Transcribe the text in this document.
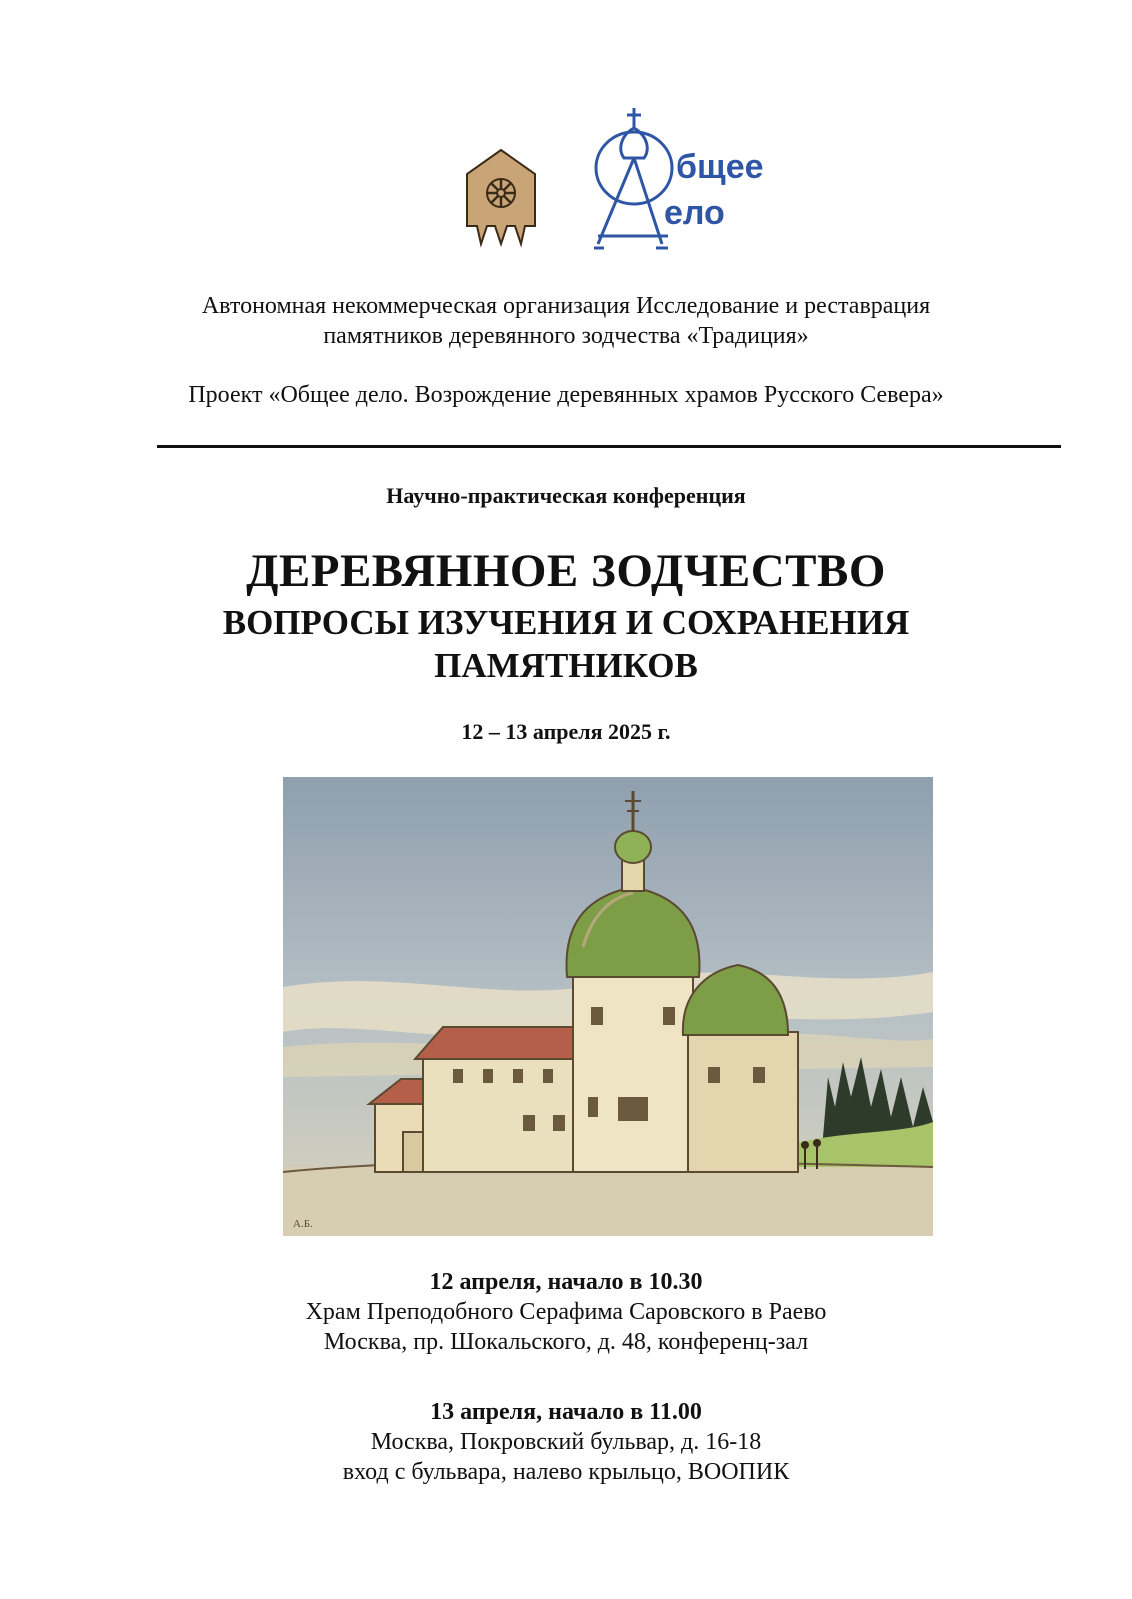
бщее
ело
Автономная некоммерческая организация Исследование и реставрация
памятников деревянного зодчества «Традиция»
Проект «Общее дело. Возрождение деревянных храмов Русского Севера»
Научно-практическая конференция
ДЕРЕВЯННОЕ ЗОДЧЕСТВО
ВОПРОСЫ ИЗУЧЕНИЯ И СОХРАНЕНИЯ
ПАМЯТНИКОВ
12 – 13 апреля 2025 г.
А.Б.
12 апреля, начало в 10.30
Храм Преподобного Серафима Саровского в Раево
Москва, пр. Шокальского, д. 48, конференц-зал
13 апреля, начало в 11.00
Москва, Покровский бульвар, д. 16-18
вход с бульвара, налево крыльцо, ВООПИК
